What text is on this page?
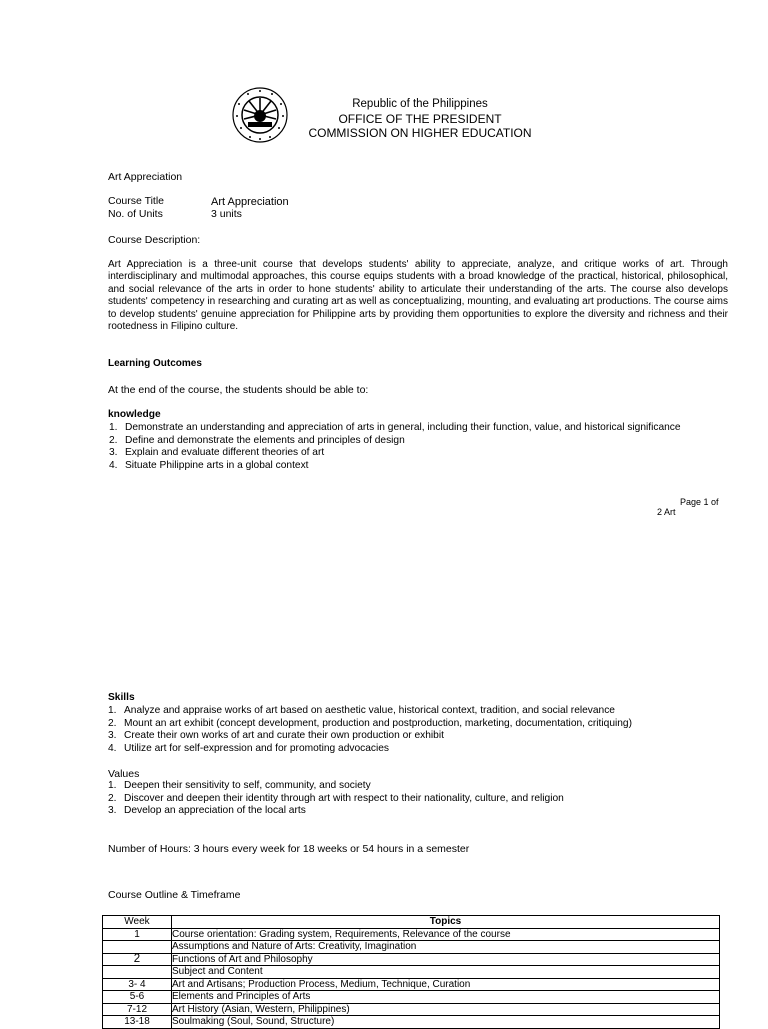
Republic of the Philippines
OFFICE OF THE PRESIDENT
COMMISSION ON HIGHER EDUCATION
Art Appreciation
Course Title	Art Appreciation
No. of Units	3 units
Course Description:
Art Appreciation is a three-unit course that develops students' ability to appreciate, analyze, and critique works of art. Through interdisciplinary and multimodal approaches, this course equips students with a broad knowledge of the practical, historical, philosophical, and social relevance of the arts in order to hone students' ability to articulate their understanding of the arts. The course also develops students' competency in researching and curating art as well as conceptualizing, mounting, and evaluating art productions. The course aims to develop students' genuine appreciation for Philippine arts by providing them opportunities to explore the diversity and richness and their rootedness in Filipino culture.
Learning Outcomes
At the end of the course, the students should be able to:
knowledge
1. Demonstrate an understanding and appreciation of arts in general, including their function, value, and historical significance
2. Define and demonstrate the elements and principles of design
3. Explain and evaluate different theories of art
4. Situate Philippine arts in a global context
Page 1 of
2 Art
Skills
1. Analyze and appraise works of art based on aesthetic value, historical context, tradition, and social relevance
2. Mount an art exhibit (concept development, production and postproduction, marketing, documentation, critiquing)
3. Create their own works of art and curate their own production or exhibit
4. Utilize art for self-expression and for promoting advocacies
Values
1. Deepen their sensitivity to self, community, and society
2. Discover and deepen their identity through art with respect to their nationality, culture, and religion
3. Develop an appreciation of the local arts
Number of Hours: 3 hours every week for 18 weeks or 54 hours in a semester
Course Outline & Timeframe
Week	Topics
1	Course orientation: Grading system, Requirements, Relevance of the course
	Assumptions and Nature of Arts: Creativity, Imagination
2	Functions of Art and Philosophy
	Subject and Content
3- 4	Art and Artisans; Production Process, Medium, Technique, Curation
5-6	Elements and Principles of Arts
7-12	Art History (Asian, Western, Philippines)
13-18	Soulmaking (Soul, Sound, Structure)
